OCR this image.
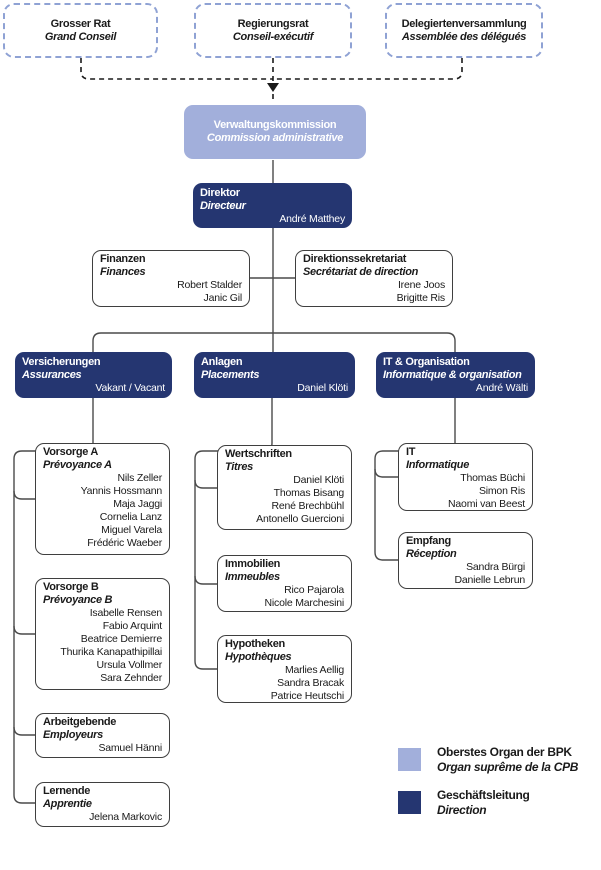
Grosser Rat
Grand Conseil
Regierungsrat
Conseil-exécutif
Delegiertenversammlung
Assemblée des délégués
Verwaltungskommission
Commission administrative
Direktor
Directeur
André Matthey
Finanzen
Finances
Robert Stalder
Janic Gil
Direktionssekretariat
Secrétariat de direction
Irene Joos
Brigitte Ris
Versicherungen
Assurances
Vakant / Vacant
Anlagen
Placements
Daniel Klöti
IT & Organisation
Informatique & organisation
André Wälti
Vorsorge A
Prévoyance A
Nils Zeller
Yannis Hossmann
Maja Jaggi
Cornelia Lanz
Miguel Varela
Frédéric Waeber
Vorsorge B
Prévoyance B
Isabelle Rensen
Fabio Arquint
Beatrice Demierre
Thurika Kanapathipillai
Ursula Vollmer
Sara Zehnder
Arbeitgebende
Employeurs
Samuel Hänni
Lernende
Apprentie
Jelena Markovic
Wertschriften
Titres
Daniel Klöti
Thomas Bisang
René Brechbühl
Antonello Guercioni
Immobilien
Immeubles
Rico Pajarola
Nicole Marchesini
Hypotheken
Hypothèques
Marlies Aellig
Sandra Bracak
Patrice Heutschi
IT
Informatique
Thomas Büchi
Simon Ris
Naomi van Beest
Empfang
Réception
Sandra Bürgi
Danielle Lebrun
Oberstes Organ der BPK
Organ suprême de la CPB
Geschäftsleitung
Direction
